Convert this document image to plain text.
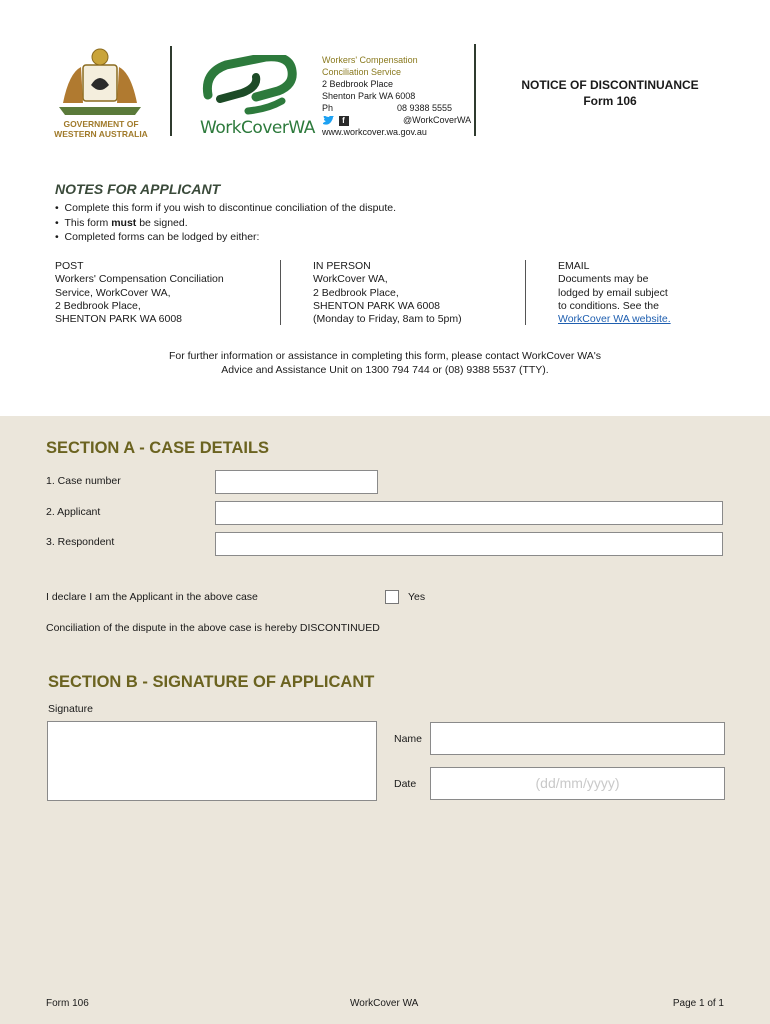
GOVERNMENT OF
WESTERN AUSTRALIA	WorkCoverWA
Workers' Compensation
Conciliation Service
2 Bedbrook Place
Shenton Park WA 6008
Ph	08 9388 5555
f	@WorkCoverWA
www.workcover.wa.gov.au
NOTICE OF DISCONTINUANCE
Form 106
NOTES FOR APPLICANT
•  Complete this form if you wish to discontinue conciliation of the dispute.
•  This form must be signed.
•  Completed forms can be lodged by either:
POST
Workers' Compensation Conciliation
Service, WorkCover WA,
2 Bedbrook Place,
SHENTON PARK WA 6008
IN PERSON
WorkCover WA,
2 Bedbrook Place,
SHENTON PARK WA 6008
(Monday to Friday, 8am to 5pm)
EMAIL
Documents may be
lodged by email subject
to conditions. See the
WorkCover WA website.
For further information or assistance in completing this form, please contact WorkCover WA's
Advice and Assistance Unit on 1300 794 744 or (08) 9388 5537 (TTY).
SECTION A - CASE DETAILS
1. Case number
2. Applicant
3. Respondent
I declare I am the Applicant in the above case	Yes
Conciliation of the dispute in the above case is hereby DISCONTINUED
SECTION B - SIGNATURE OF APPLICANT
Signature
Name
Date	(dd/mm/yyyy)
Form 106	WorkCover WA	Page 1 of 1
